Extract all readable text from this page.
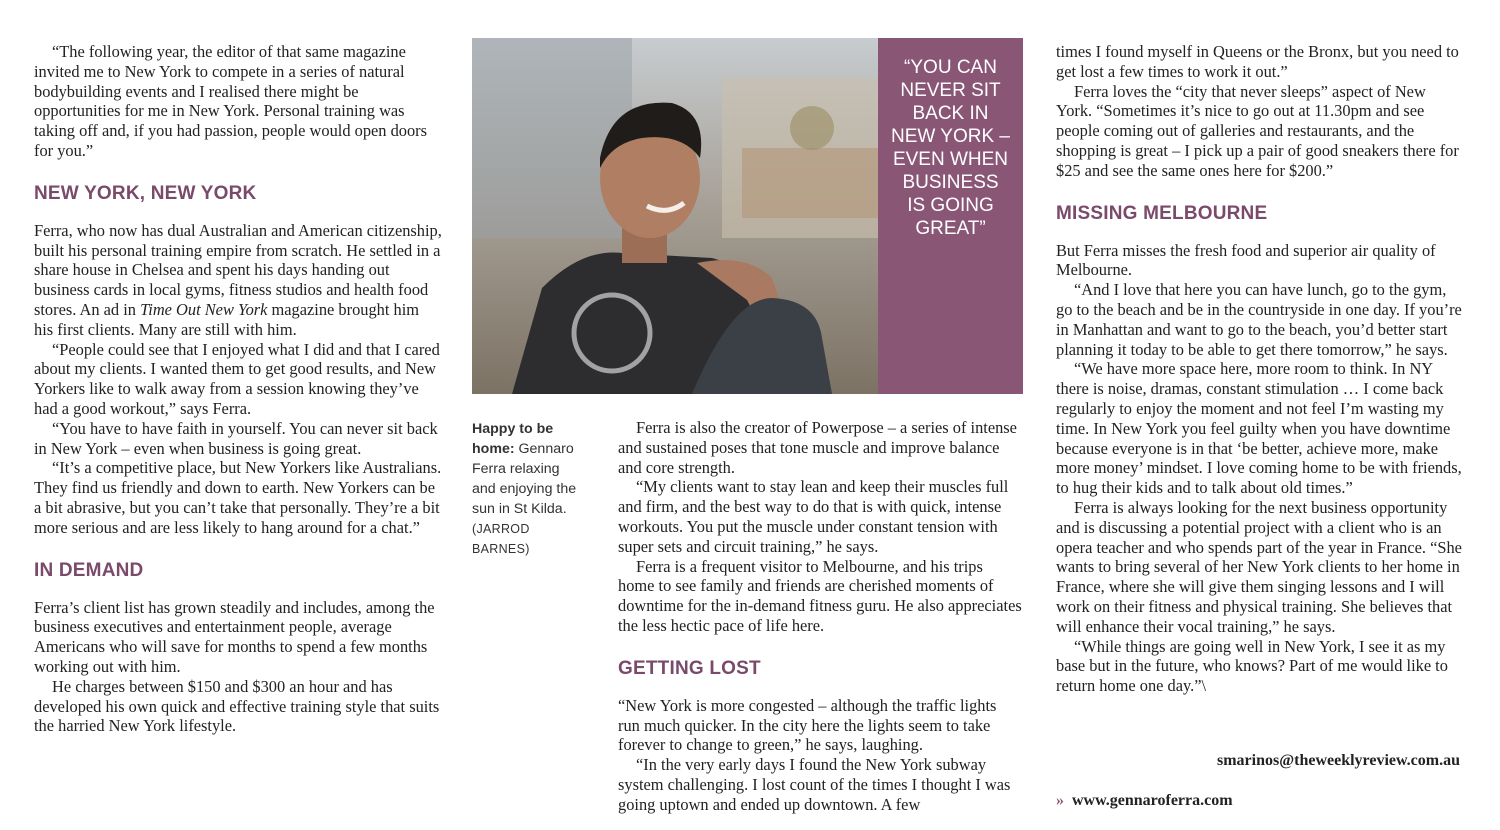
“The following year, the editor of that same magazine invited me to New York to compete in a series of natural bodybuilding events and I realised there might be opportunities for me in New York. Personal training was taking off and, if you had passion, people would open doors for you.”

NEW YORK, NEW YORK

Ferra, who now has dual Australian and American citizenship, built his personal training empire from scratch. He settled in a share house in Chelsea and spent his days handing out business cards in local gyms, fitness studios and health food stores. An ad in Time Out New York magazine brought him his first clients. Many are still with him.

“People could see that I enjoyed what I did and that I cared about my clients. I wanted them to get good results, and New Yorkers like to walk away from a session knowing they’ve had a good workout,” says Ferra.

“You have to have faith in yourself. You can never sit back in New York – even when business is going great.

“It’s a competitive place, but New Yorkers like Australians. They find us friendly and down to earth. New Yorkers can be a bit abrasive, but you can’t take that personally. They’re a bit more serious and are less likely to hang around for a chat.”

IN DEMAND

Ferra’s client list has grown steadily and includes, among the business executives and entertainment people, average Americans who will save for months to spend a few months working out with him.

He charges between $150 and $300 an hour and has developed his own quick and effective training style that suits the harried New York lifestyle.

“YOU CAN
NEVER SIT
BACK IN
NEW YORK –
EVEN WHEN
BUSINESS
IS GOING
GREAT”
Happy to be home: Gennaro Ferra relaxing and enjoying the sun in St Kilda.
(JARROD BARNES)

Ferra is also the creator of Powerpose – a series of intense and sustained poses that tone muscle and improve balance and core strength.

“My clients want to stay lean and keep their muscles full and firm, and the best way to do that is with quick, intense workouts. You put the muscle under constant tension with super sets and circuit training,” he says.

Ferra is a frequent visitor to Melbourne, and his trips home to see family and friends are cherished moments of downtime for the in-demand fitness guru. He also appreciates the less hectic pace of life here.

GETTING LOST

“New York is more congested – although the traffic lights run much quicker. In the city here the lights seem to take forever to change to green,” he says, laughing.

“In the very early days I found the New York subway system challenging. I lost count of the times I thought I was going uptown and ended up downtown. A few

times I found myself in Queens or the Bronx, but you need to get lost a few times to work it out.”

Ferra loves the “city that never sleeps” aspect of New York. “Sometimes it’s nice to go out at 11.30pm and see people coming out of galleries and restaurants, and the shopping is great – I pick up a pair of good sneakers there for $25 and see the same ones here for $200.”

MISSING MELBOURNE

But Ferra misses the fresh food and superior air quality of Melbourne.

“And I love that here you can have lunch, go to the gym, go to the beach and be in the countryside in one day. If you’re in Manhattan and want to go to the beach, you’d better start planning it today to be able to get there tomorrow,” he says.

“We have more space here, more room to think. In NY there is noise, dramas, constant stimulation … I come back regularly to enjoy the moment and not feel I’m wasting my time. In New York you feel guilty when you have downtime because everyone is in that ‘be better, achieve more, make more money’ mindset. I love coming home to be with friends, to hug their kids and to talk about old times.”

Ferra is always looking for the next business opportunity and is discussing a potential project with a client who is an opera teacher and who spends part of the year in France. “She wants to bring several of her New York clients to her home in France, where she will give them singing lessons and I will work on their fitness and physical training. She believes that will enhance their vocal training,” he says.

“While things are going well in New York, I see it as my base but in the future, who knows? Part of me would like to return home one day.”\

smarinos@theweeklyreview.com.au
» www.gennaroferra.com
